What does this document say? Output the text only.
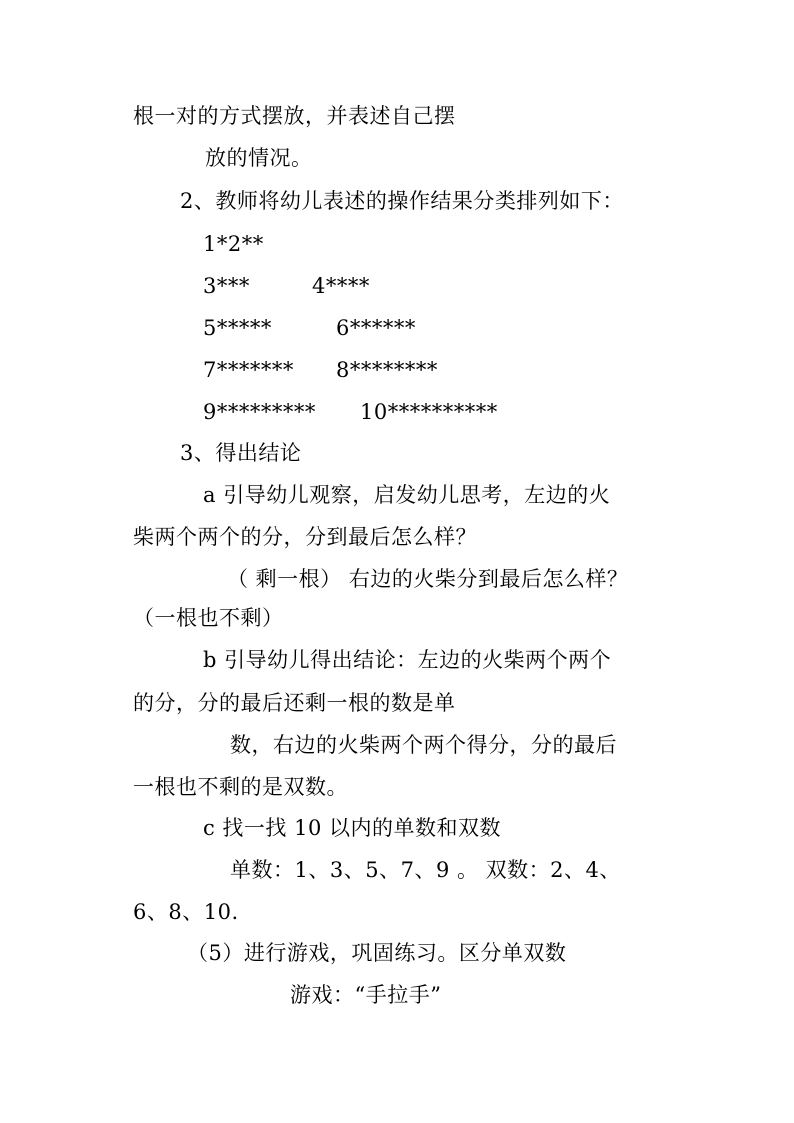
根一对的方式摆放，并表述自己摆
放的情况。
2、教师将幼儿表述的操作结果分类排列如下：
1*2**
3***	4****
5*****	6******
7******* 8********
9********* 10**********
3、得出结论
a 引导幼儿观察，启发幼儿思考，左边的火
柴两个两个的分，分到最后怎么样？
（ 剩一根） 右边的火柴分到最后怎么样？
（一根也不剩）
b 引导幼儿得出结论：左边的火柴两个两个
的分，分的最后还剩一根的数是单
数，右边的火柴两个两个得分，分的最后
一根也不剩的是双数。
c 找一找 10 以内的单数和双数
单数：1、3、5、7、9 。 双数：2、4、
6、8、10.
（5）进行游戏，巩固练习。区分单双数
游戏：“手拉手”
